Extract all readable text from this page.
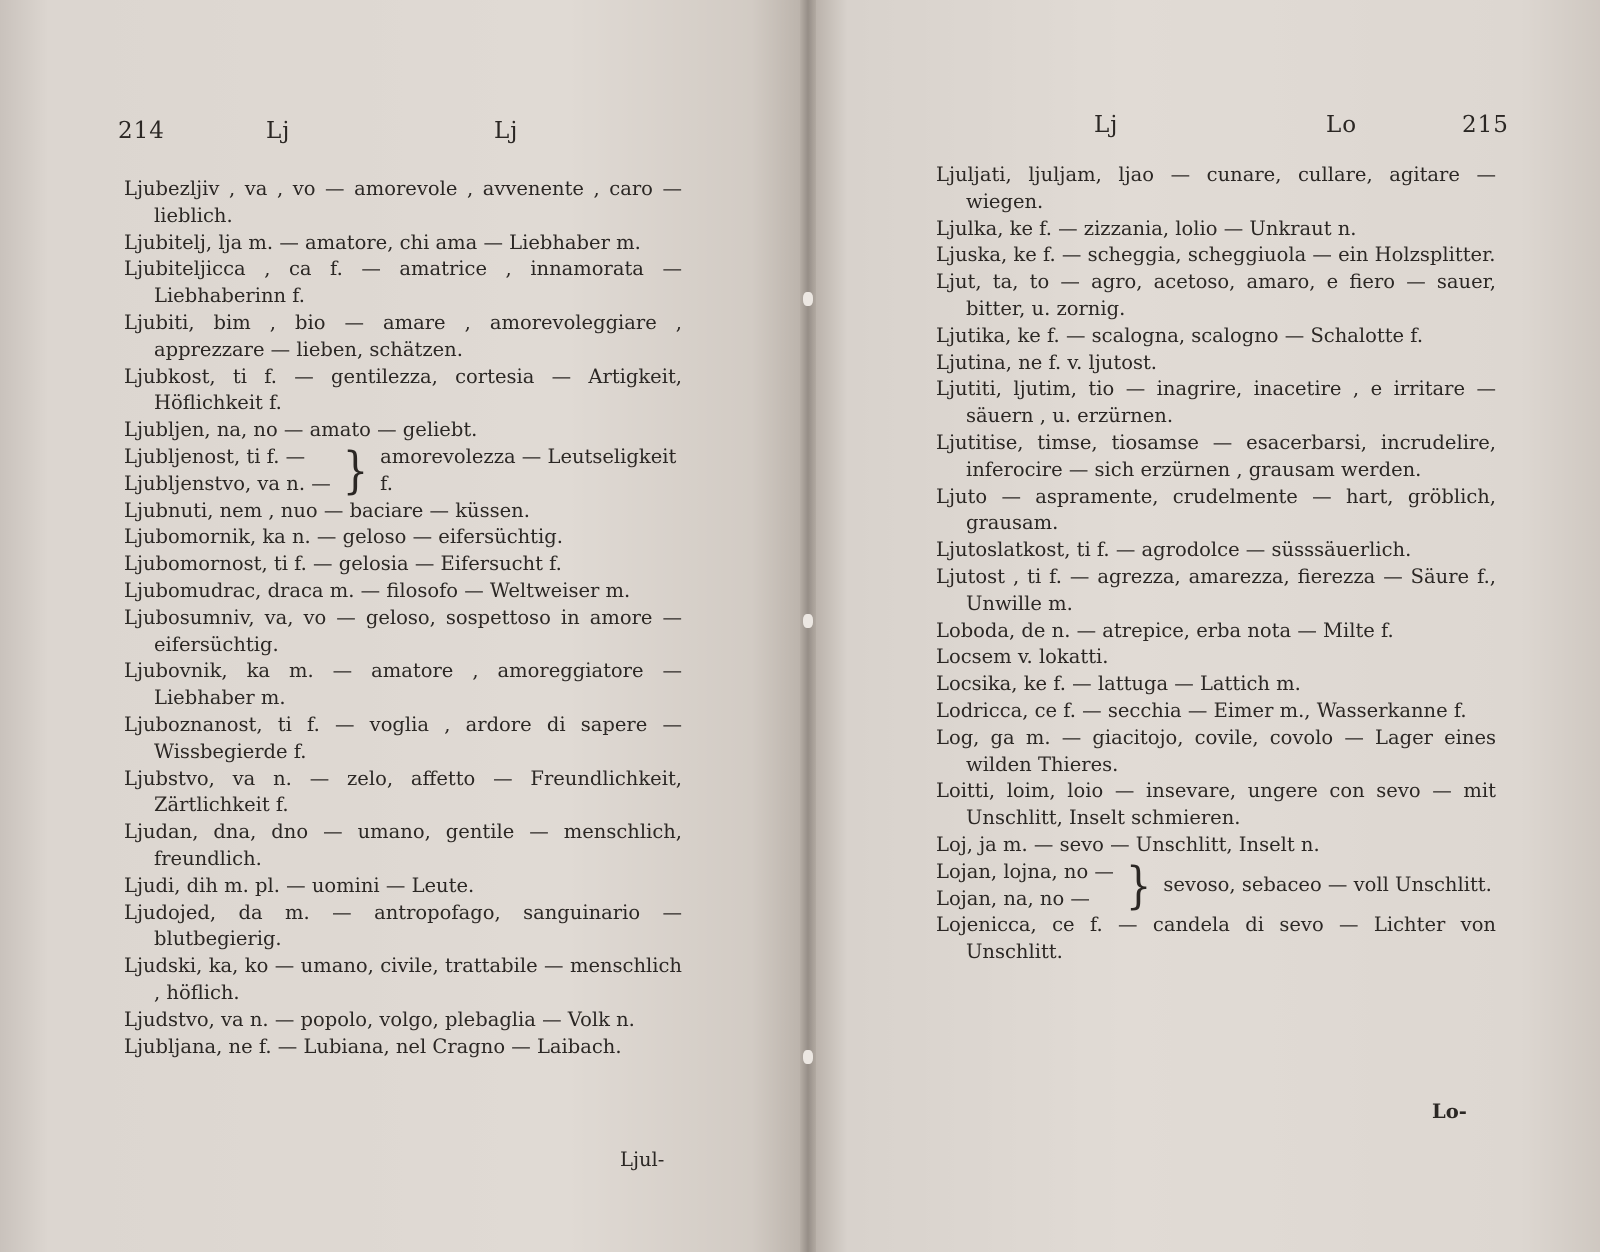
214	Lj	Lj
Ljubezljiv , va , vo — amorevole , avvenente , caro — lieblich.
Ljubitelj, lja m. — amatore, chi ama — Liebhaber m.
Ljubiteljicca , ca f. — amatrice , innamorata — Liebhaberinn f.
Ljubiti, bim , bio — amare , amorevoleggiare , apprezzare — lieben, schätzen.
Ljubkost, ti f. — gentilezza, cortesia — Artigkeit, Höflichkeit f.
Ljubljen, na, no — amato — geliebt.
Ljubljenost, ti f. —
Ljubljenstvo, va n. — } amorevolezza — Leutseligkeit f.
Ljubnuti, nem , nuo — baciare — küssen.
Ljubomornik, ka n. — geloso — eifersüchtig.
Ljubomornost, ti f. — gelosia — Eifersucht f.
Ljubomudrac, draca m. — filosofo — Weltweiser m.
Ljubosumniv, va, vo — geloso, sospettoso in amore — eifersüchtig.
Ljubovnik, ka m. — amatore , amoreggiatore — Liebhaber m.
Ljuboznanost, ti f. — voglia , ardore di sapere — Wissbegierde f.
Ljubstvo, va n. — zelo, affetto — Freundlichkeit, Zärtlichkeit f.
Ljudan, dna, dno — umano, gentile — menschlich, freundlich.
Ljudi, dih m. pl. — uomini — Leute.
Ljudojed, da m. — antropofago, sanguinario — blutbegierig.
Ljudski, ka, ko — umano, civile, trattabile — menschlich , höflich.
Ljudstvo, va n. — popolo, volgo, plebaglia — Volk n.
Ljubljana, ne f. — Lubiana, nel Cragno — Laibach.
Ljul-
Lj	Lo	215
Ljuljati, ljuljam, ljao — cunare, cullare, agitare — wiegen.
Ljulka, ke f. — zizzania, lolio — Unkraut n.
Ljuska, ke f. — scheggia, scheggiuola — ein Holzsplitter.
Ljut, ta, to — agro, acetoso, amaro, e fiero — sauer, bitter, u. zornig.
Ljutika, ke f. — scalogna, scalogno — Schalotte f.
Ljutina, ne f. v. ljutost.
Ljutiti, ljutim, tio — inagrire, inacetire , e irritare — säuern , u. erzürnen.
Ljutitise, timse, tiosamse — esacerbarsi, incrudelire, inferocire — sich erzürnen , grausam werden.
Ljuto — aspramente, crudelmente — hart, gröblich, grausam.
Ljutoslatkost, ti f. — agrodolce — süsssäuerlich.
Ljutost , ti f. — agrezza, amarezza, fierezza — Säure f., Unwille m.
Loboda, de n. — atrepice, erba nota — Milte f.
Locsem v. lokatti.
Locsika, ke f. — lattuga — Lattich m.
Lodricca, ce f. — secchia — Eimer m., Wasserkanne f.
Log, ga m. — giacitojo, covile, covolo — Lager eines wilden Thieres.
Loitti, loim, loio — insevare, ungere con sevo — mit Unschlitt, Inselt schmieren.
Loj, ja m. — sevo — Unschlitt, Inselt n.
Lojan, lojna, no —
Lojan, na, no — } sevoso, sebaceo — voll Unschlitt.
Lojenicca, ce f. — candela di sevo — Lichter von Unschlitt.
Lo-
